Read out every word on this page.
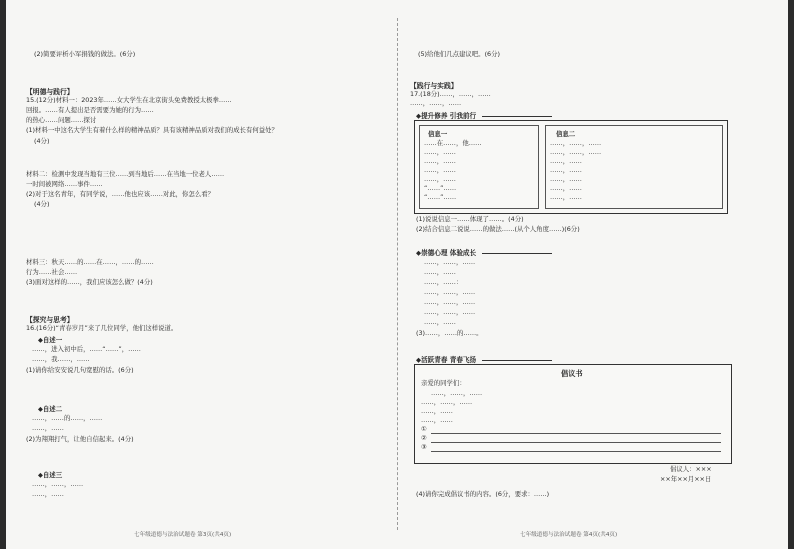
(2)简要评析小军捐钱的做法。(6分)
【明德与践行】
15.(12分)材料一：2023年……女大学生在北京街头免费教授太极拳……
回报。……有人提出是否需要为她的行为……
的热心……问题……探讨
(1)材料一中这名大学生有着什么样的精神品质？具有该精神品质对我们的成长有何益处？
(4分)
材料二：检测中发现当地有三位……到当地后……在当地一位老人……
一时间被网络……事件……
(2)对于这名青年，有同学说，……他也应该……对此，你怎么看？
(4分)
材料三：秋天……的……在……，……的……
行为……社会……
(3)面对这样的……，我们应该怎么做？(4分)
【探究与思考】
16.(16分)“青春岁月”来了几位同学，他们这样说道。
◆自述一
……，进入初中后，……“……”，……
……，我……，……
(1)请你给安安说几句宽慰的话。(6分)
◆自述二
……，……的……，……
……，……
(2)为翔翔打气，让他自信起来。(4分)
◆自述三
……，……，……
……，……
七年级道德与法治试题卷 第3页(共4页)
(5)给他们几点建议吧。(6分)
【践行与实践】
17.(18分)……，……，……
……，……，……
◆提升修养 引我前行
信息一
……在……，他……
……，……
……，……
……，……
……，……
“……”……
“……”……
信息二
……，……，……
……，……，……
……，……
……，……
……，……
……，……
……，……
(1)说说信息一……体现了……。(4分)
(2)结合信息二说说……的做法……(从个人角度……)(6分)
◆崇德心理 体验成长
……，……，……
……，……
……，……：
……，……，……
……，……，……
……，……，……
……，……
(3)……，……的……。
◆活跃青春 青春飞扬
倡议书
亲爱的同学们：
……，……，……
……，……，……
……，……
……，……
①
②
③
倡议人：×××
××年××月××日
(4)请你完成倡议书的内容。(6分，要求：……)
七年级道德与法治试题卷 第4页(共4页)
